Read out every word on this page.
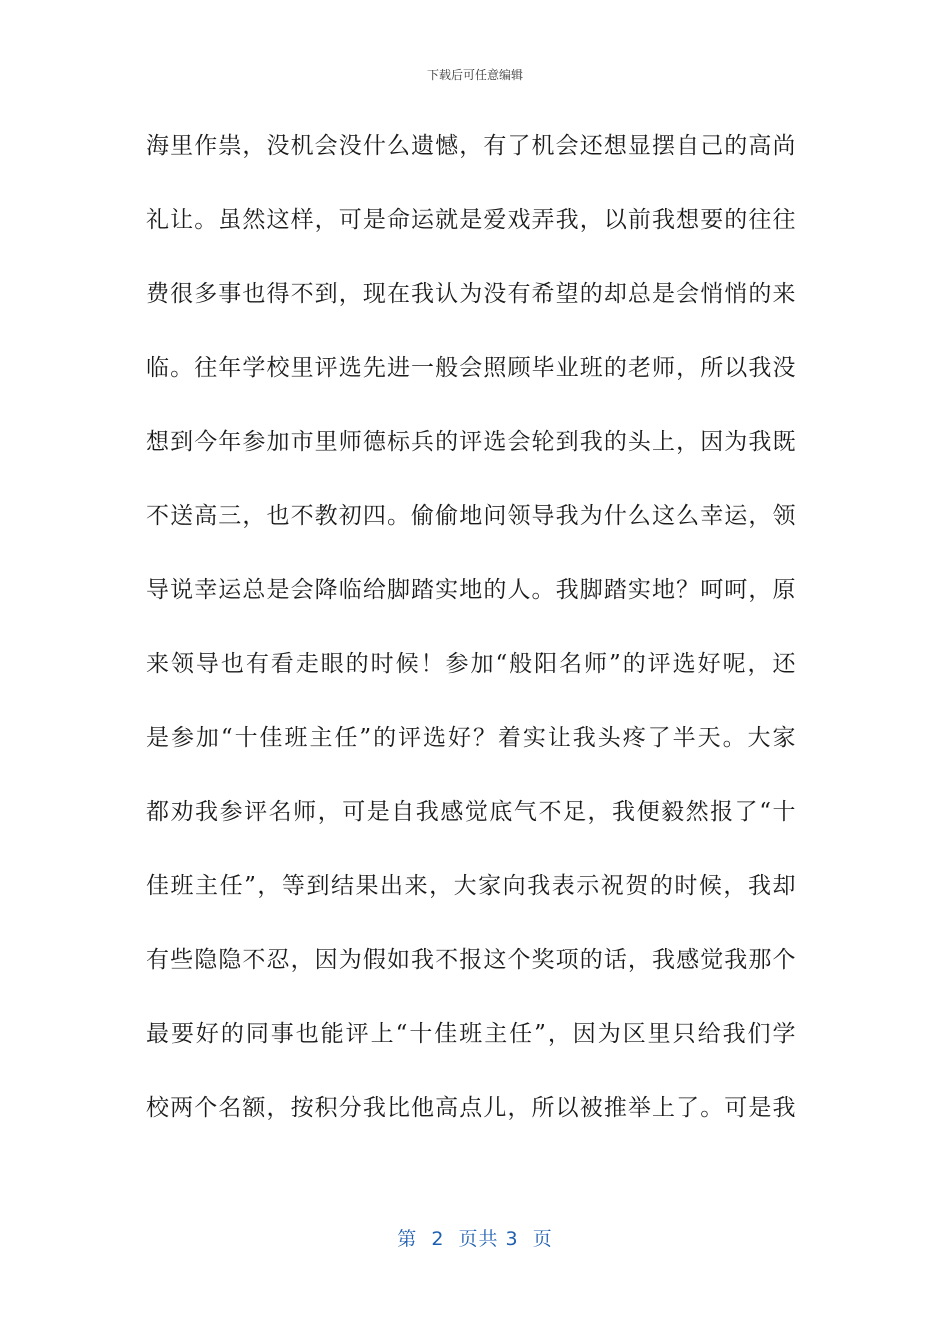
下载后可任意编辑
海里作祟，没机会没什么遗憾，有了机会还想显摆自己的高尚
礼让。虽然这样，可是命运就是爱戏弄我，以前我想要的往往
费很多事也得不到，现在我认为没有希望的却总是会悄悄的来
临。往年学校里评选先进一般会照顾毕业班的老师，所以我没
想到今年参加市里师德标兵的评选会轮到我的头上，因为我既
不送高三，也不教初四。偷偷地问领导我为什么这么幸运，领
导说幸运总是会降临给脚踏实地的人。我脚踏实地？呵呵，原
来领导也有看走眼的时候！参加“般阳名师”的评选好呢，还
是参加“十佳班主任”的评选好？着实让我头疼了半天。大家
都劝我参评名师，可是自我感觉底气不足，我便毅然报了“十
佳班主任”，等到结果出来，大家向我表示祝贺的时候，我却
有些隐隐不忍，因为假如我不报这个奖项的话，我感觉我那个
最要好的同事也能评上“十佳班主任”，因为区里只给我们学
校两个名额，按积分我比他高点儿，所以被推举上了。可是我
第  2  页共 3  页
